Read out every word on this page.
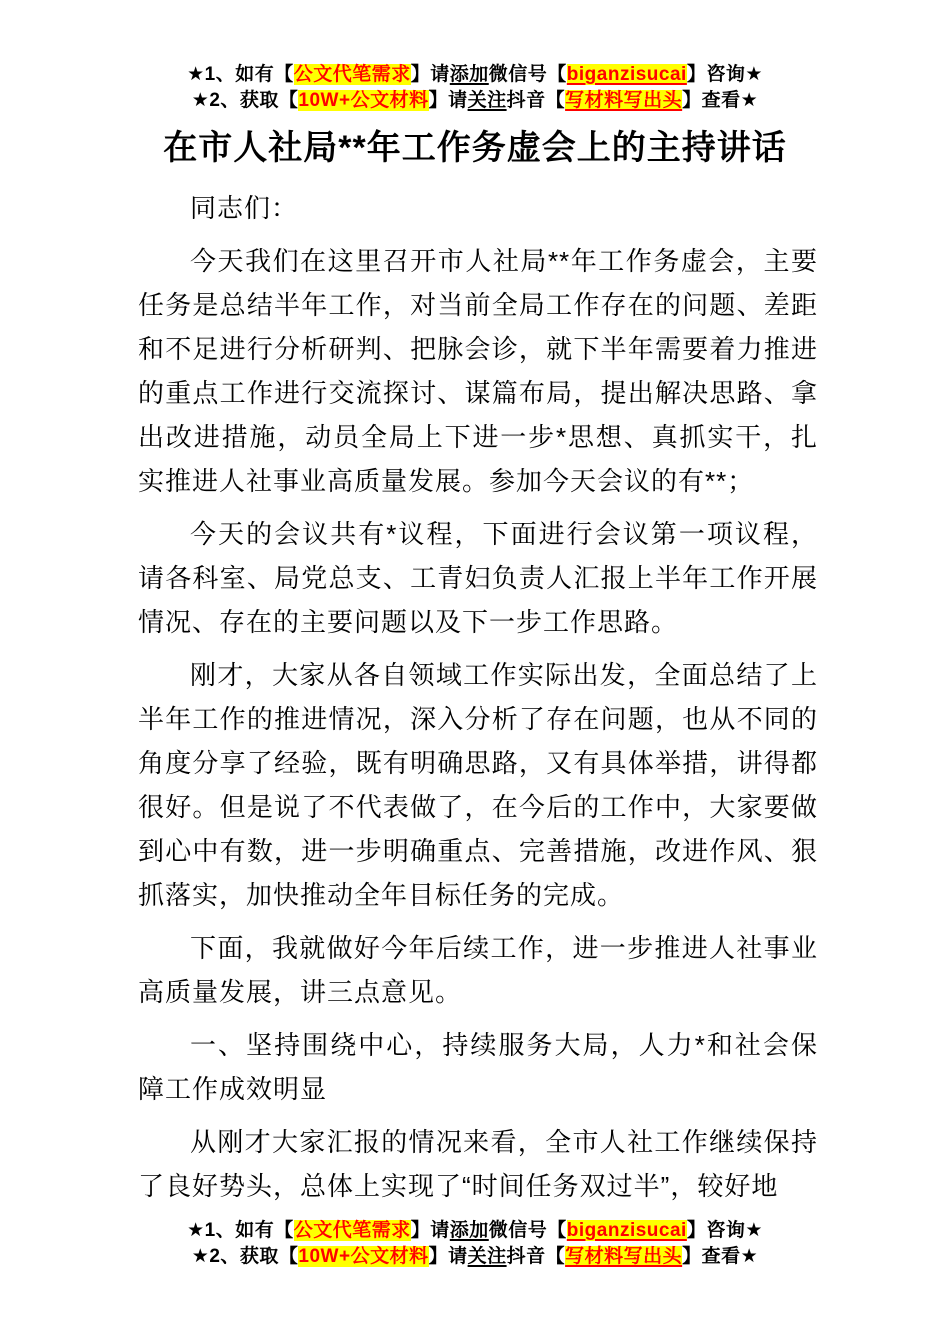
★1、如有【公文代笔需求】请添加微信号【biganzisucai】咨询★
★2、获取【10W+公文材料】请关注抖音【写材料写出头】查看★
在市人社局**年工作务虚会上的主持讲话

同志们：

今天我们在这里召开市人社局**年工作务虚会，主要任务是总结半年工作，对当前全局工作存在的问题、差距和不足进行分析研判、把脉会诊，就下半年需要着力推进的重点工作进行交流探讨、谋篇布局，提出解决思路、拿出改进措施，动员全局上下进一步*思想、真抓实干，扎实推进人社事业高质量发展。参加今天会议的有**；

今天的会议共有*议程，下面进行会议第一项议程，请各科室、局党总支、工青妇负责人汇报上半年工作开展情况、存在的主要问题以及下一步工作思路。

刚才，大家从各自领域工作实际出发，全面总结了上半年工作的推进情况，深入分析了存在问题，也从不同的角度分享了经验，既有明确思路，又有具体举措，讲得都很好。但是说了不代表做了，在今后的工作中，大家要做到心中有数，进一步明确重点、完善措施，改进作风、狠抓落实，加快推动全年目标任务的完成。

下面，我就做好今年后续工作，进一步推进人社事业高质量发展，讲三点意见。

一、坚持围绕中心，持续服务大局，人力*和社会保障工作成效明显

从刚才大家汇报的情况来看，全市人社工作继续保持了良好势头，总体上实现了“时间任务双过半”，较好地

★1、如有【公文代笔需求】请添加微信号【biganzisucai】咨询★
★2、获取【10W+公文材料】请关注抖音【写材料写出头】查看★
